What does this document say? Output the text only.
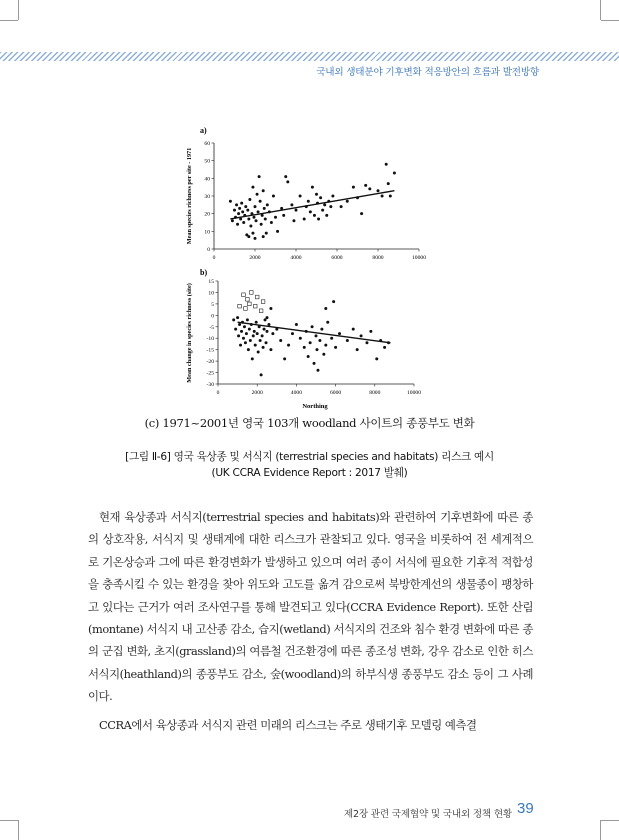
국내외 생태분야 기후변화 적응방안의 흐름과 발전방향
a)
Mean species richness per site - 1971
0	2000	4000	6000	8000	10000
0
10
20
30
40
50
60
b)
Mean change in species richness (site)
0	2000	4000	6000	8000	10000
15
10
5
0
-5
-10
-15
-20
-25
-30
Northing
(c) 1971~2001년 영국 103개 woodland 사이트의 종풍부도 변화
[그림 Ⅱ-6] 영국 육상종 및 서식지 (terrestrial species and habitats) 리스크 예시
(UK CCRA Evidence Report : 2017 발췌)

현재 육상종과 서식지(terrestrial species and habitats)와 관련하여 기후변화에 따른 종의 상호작용, 서식지 및 생태계에 대한 리스크가 관찰되고 있다. 영국을 비롯하여 전 세계적으로 기온상승과 그에 따른 환경변화가 발생하고 있으며 여러 종이 서식에 필요한 기후적 적합성을 충족시킬 수 있는 환경을 찾아 위도와 고도를 옮겨 감으로써 북방한계선의 생물종이 팽창하고 있다는 근거가 여러 조사연구를 통해 발견되고 있다(CCRA Evidence Report). 또한 산림(montane) 서식지 내 고산종 감소, 습지(wetland) 서식지의 건조와 침수 환경 변화에 따른 종의 군집 변화, 초지(grassland)의 여름철 건조환경에 따른 종조성 변화, 강우 감소로 인한 히스서식지(heathland)의 종풍부도 감소, 숲(woodland)의 하부식생 종풍부도 감소 등이 그 사례이다.

CCRA에서 육상종과 서식지 관련 미래의 리스크는 주로 생태기후 모델링 예측결

제2장 관련 국제협약 및 국내외 정책 현황 39
